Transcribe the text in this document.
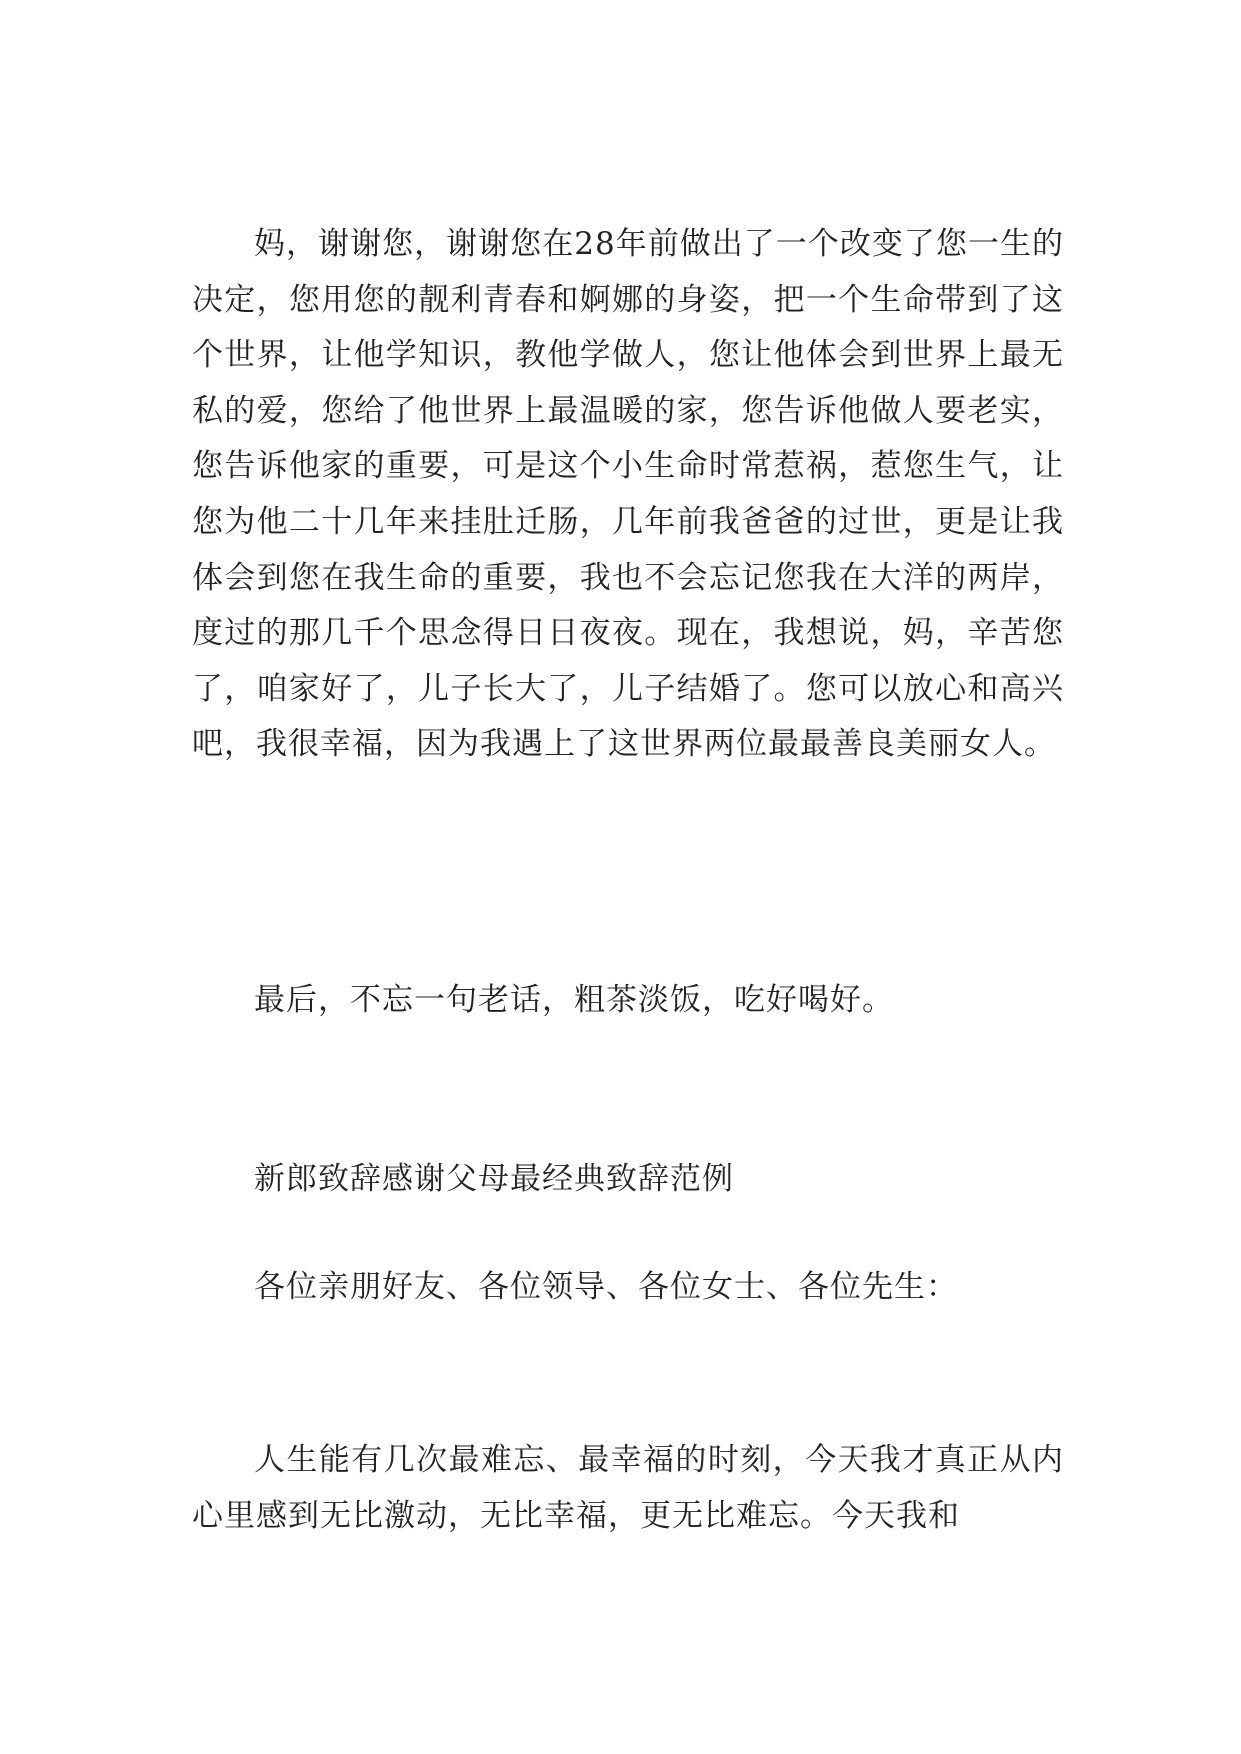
妈，谢谢您，谢谢您在28年前做出了一个改变了您一生的决定，您用您的靓利青春和婀娜的身姿，把一个生命带到了这个世界，让他学知识，教他学做人，您让他体会到世界上最无私的爱，您给了他世界上最温暖的家，您告诉他做人要老实，您告诉他家的重要，可是这个小生命时常惹祸，惹您生气，让您为他二十几年来挂肚迁肠，几年前我爸爸的过世，更是让我体会到您在我生命的重要，我也不会忘记您我在大洋的两岸，度过的那几千个思念得日日夜夜。现在，我想说，妈，辛苦您了，咱家好了，儿子长大了，儿子结婚了。您可以放心和高兴吧，我很幸福，因为我遇上了这世界两位最最善良美丽女人。

最后，不忘一句老话，粗茶淡饭，吃好喝好。

新郎致辞感谢父母最经典致辞范例

各位亲朋好友、各位领导、各位女士、各位先生：

人生能有几次最难忘、最幸福的时刻，今天我才真正从内心里感到无比激动，无比幸福，更无比难忘。今天我和
